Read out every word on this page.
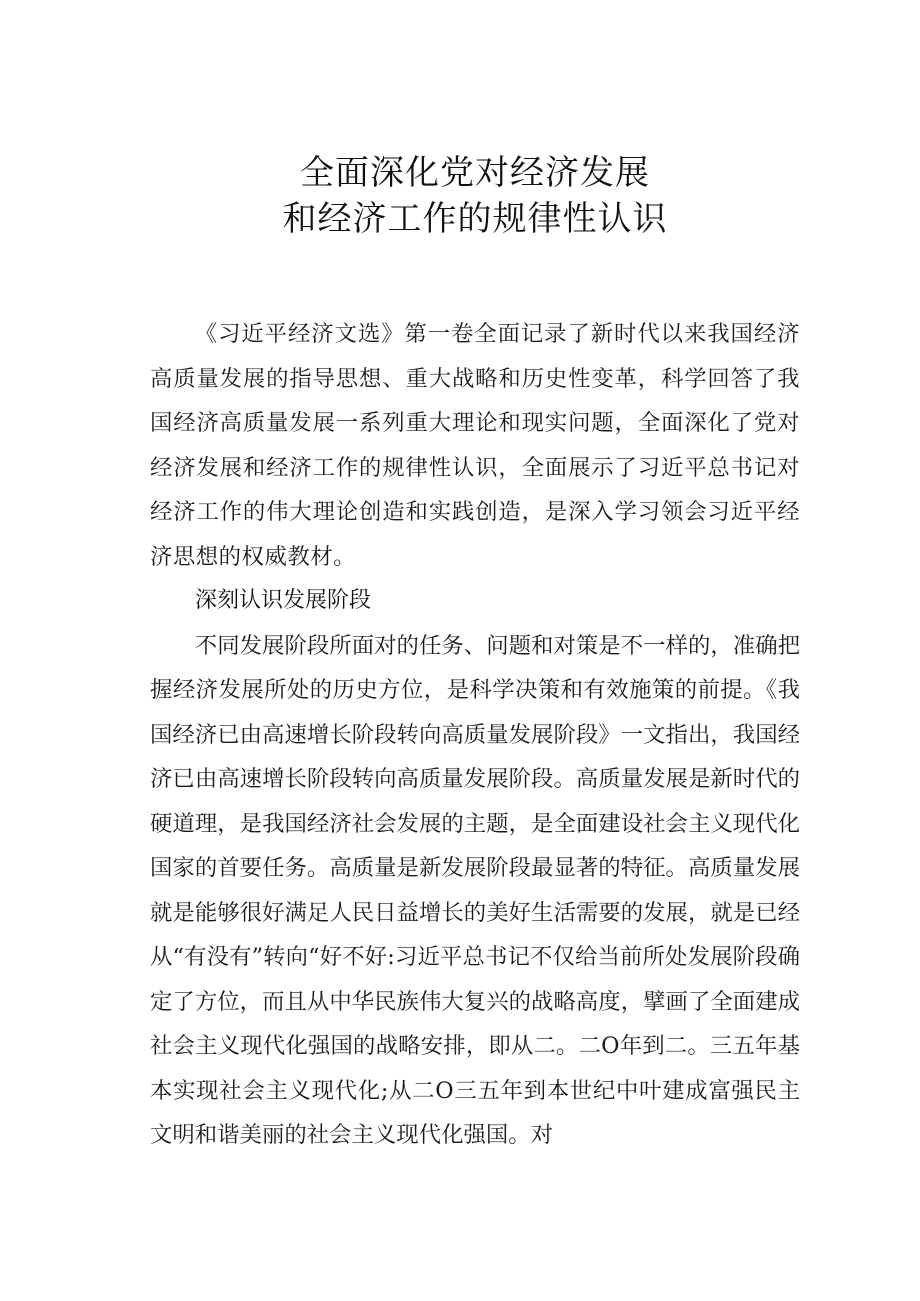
全面深化党对经济发展
和经济工作的规律性认识

《习近平经济文选》第一卷全面记录了新时代以来我国经济高质量发展的指导思想、重大战略和历史性变革，科学回答了我国经济高质量发展一系列重大理论和现实问题，全面深化了党对经济发展和经济工作的规律性认识，全面展示了习近平总书记对经济工作的伟大理论创造和实践创造，是深入学习领会习近平经济思想的权威教材。

深刻认识发展阶段

不同发展阶段所面对的任务、问题和对策是不一样的，准确把握经济发展所处的历史方位，是科学决策和有效施策的前提。《我国经济已由高速增长阶段转向高质量发展阶段》一文指出，我国经济已由高速增长阶段转向高质量发展阶段。高质量发展是新时代的硬道理，是我国经济社会发展的主题，是全面建设社会主义现代化国家的首要任务。高质量是新发展阶段最显著的特征。高质量发展就是能够很好满足人民日益增长的美好生活需要的发展，就是已经从“有没有”转向“好不好:习近平总书记不仅给当前所处发展阶段确定了方位，而且从中华民族伟大复兴的战略高度，擘画了全面建成社会主义现代化强国的战略安排，即从二。二O年到二。三五年基本实现社会主义现代化;从二O三五年到本世纪中叶建成富强民主文明和谐美丽的社会主义现代化强国。对
